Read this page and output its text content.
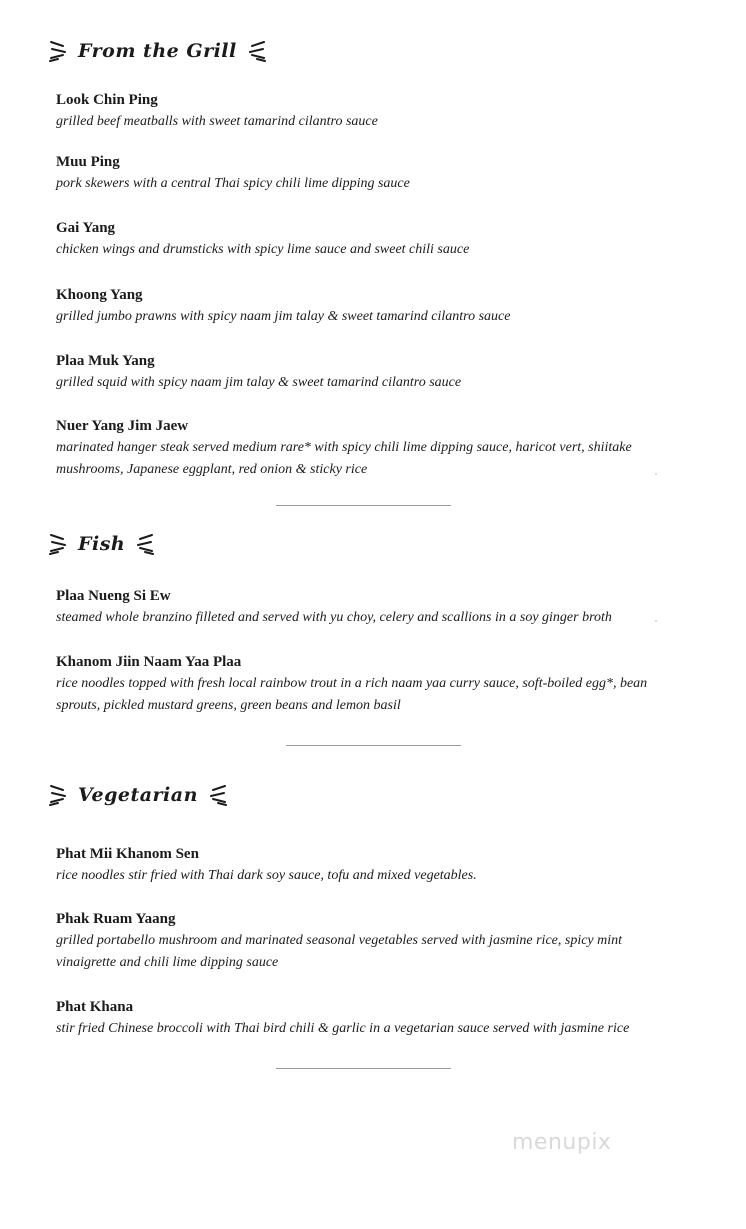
From the Grill
Look Chin Ping
grilled beef meatballs with sweet tamarind cilantro sauce
Muu Ping
pork skewers with a central Thai spicy chili lime dipping sauce
Gai Yang
chicken wings and drumsticks with spicy lime sauce and sweet chili sauce
Khoong Yang
grilled jumbo prawns with spicy naam jim talay & sweet tamarind cilantro sauce
Plaa Muk Yang
grilled squid with spicy naam jim talay & sweet tamarind cilantro sauce
Nuer Yang Jim Jaew
marinated hanger steak served medium rare* with spicy chili lime dipping sauce, haricot vert, shiitake mushrooms, Japanese eggplant, red onion & sticky rice
Fish
Plaa Nueng Si Ew
steamed whole branzino filleted and served with yu choy, celery and scallions in a soy ginger broth
Khanom Jiin Naam Yaa Plaa
rice noodles topped with fresh local rainbow trout in a rich naam yaa curry sauce, soft-boiled egg*, bean sprouts, pickled mustard greens, green beans and lemon basil
Vegetarian
Phat Mii Khanom Sen
rice noodles stir fried with Thai dark soy sauce, tofu and mixed vegetables.
Phak Ruam Yaang
grilled portabello mushroom and marinated seasonal vegetables served with jasmine rice, spicy mint vinaigrette and chili lime dipping sauce
Phat Khana
stir fried Chinese broccoli with Thai bird chili & garlic in a vegetarian sauce served with jasmine rice
menupix
